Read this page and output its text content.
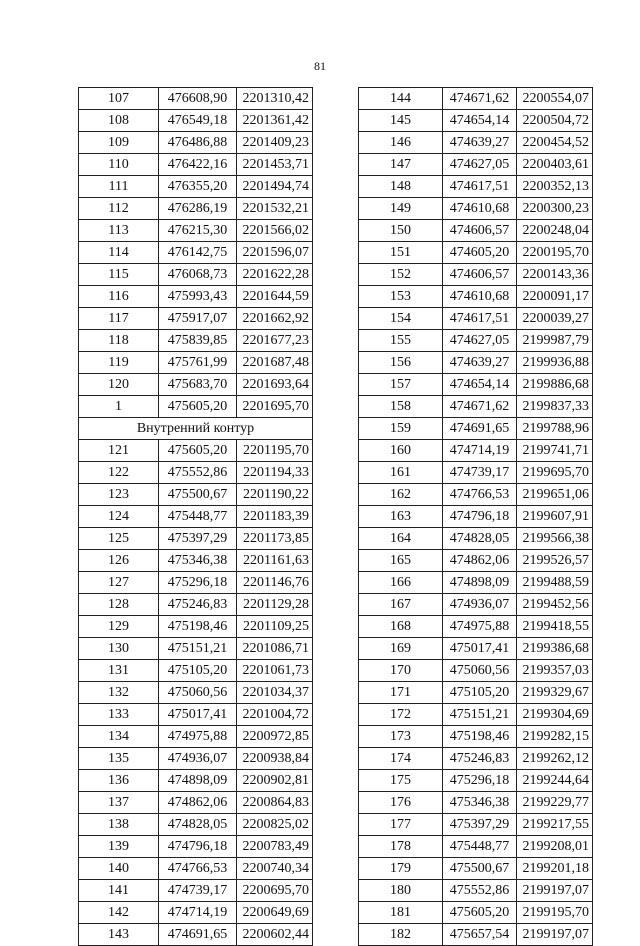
81
107	476608,90	2201310,42
108	476549,18	2201361,42
109	476486,88	2201409,23
110	476422,16	2201453,71
111	476355,20	2201494,74
112	476286,19	2201532,21
113	476215,30	2201566,02
114	476142,75	2201596,07
115	476068,73	2201622,28
116	475993,43	2201644,59
117	475917,07	2201662,92
118	475839,85	2201677,23
119	475761,99	2201687,48
120	475683,70	2201693,64
1	475605,20	2201695,70
Внутренний контур		
121	475605,20	2201195,70
122	475552,86	2201194,33
123	475500,67	2201190,22
124	475448,77	2201183,39
125	475397,29	2201173,85
126	475346,38	2201161,63
127	475296,18	2201146,76
128	475246,83	2201129,28
129	475198,46	2201109,25
130	475151,21	2201086,71
131	475105,20	2201061,73
132	475060,56	2201034,37
133	475017,41	2201004,72
134	474975,88	2200972,85
135	474936,07	2200938,84
136	474898,09	2200902,81
137	474862,06	2200864,83
138	474828,05	2200825,02
139	474796,18	2200783,49
140	474766,53	2200740,34
141	474739,17	2200695,70
142	474714,19	2200649,69
143	474691,65	2200602,44
144	474671,62	2200554,07
145	474654,14	2200504,72
146	474639,27	2200454,52
147	474627,05	2200403,61
148	474617,51	2200352,13
149	474610,68	2200300,23
150	474606,57	2200248,04
151	474605,20	2200195,70
152	474606,57	2200143,36
153	474610,68	2200091,17
154	474617,51	2200039,27
155	474627,05	2199987,79
156	474639,27	2199936,88
157	474654,14	2199886,68
158	474671,62	2199837,33
159	474691,65	2199788,96
160	474714,19	2199741,71
161	474739,17	2199695,70
162	474766,53	2199651,06
163	474796,18	2199607,91
164	474828,05	2199566,38
165	474862,06	2199526,57
166	474898,09	2199488,59
167	474936,07	2199452,56
168	474975,88	2199418,55
169	475017,41	2199386,68
170	475060,56	2199357,03
171	475105,20	2199329,67
172	475151,21	2199304,69
173	475198,46	2199282,15
174	475246,83	2199262,12
175	475296,18	2199244,64
176	475346,38	2199229,77
177	475397,29	2199217,55
178	475448,77	2199208,01
179	475500,67	2199201,18
180	475552,86	2199197,07
181	475605,20	2199195,70
182	475657,54	2199197,07
